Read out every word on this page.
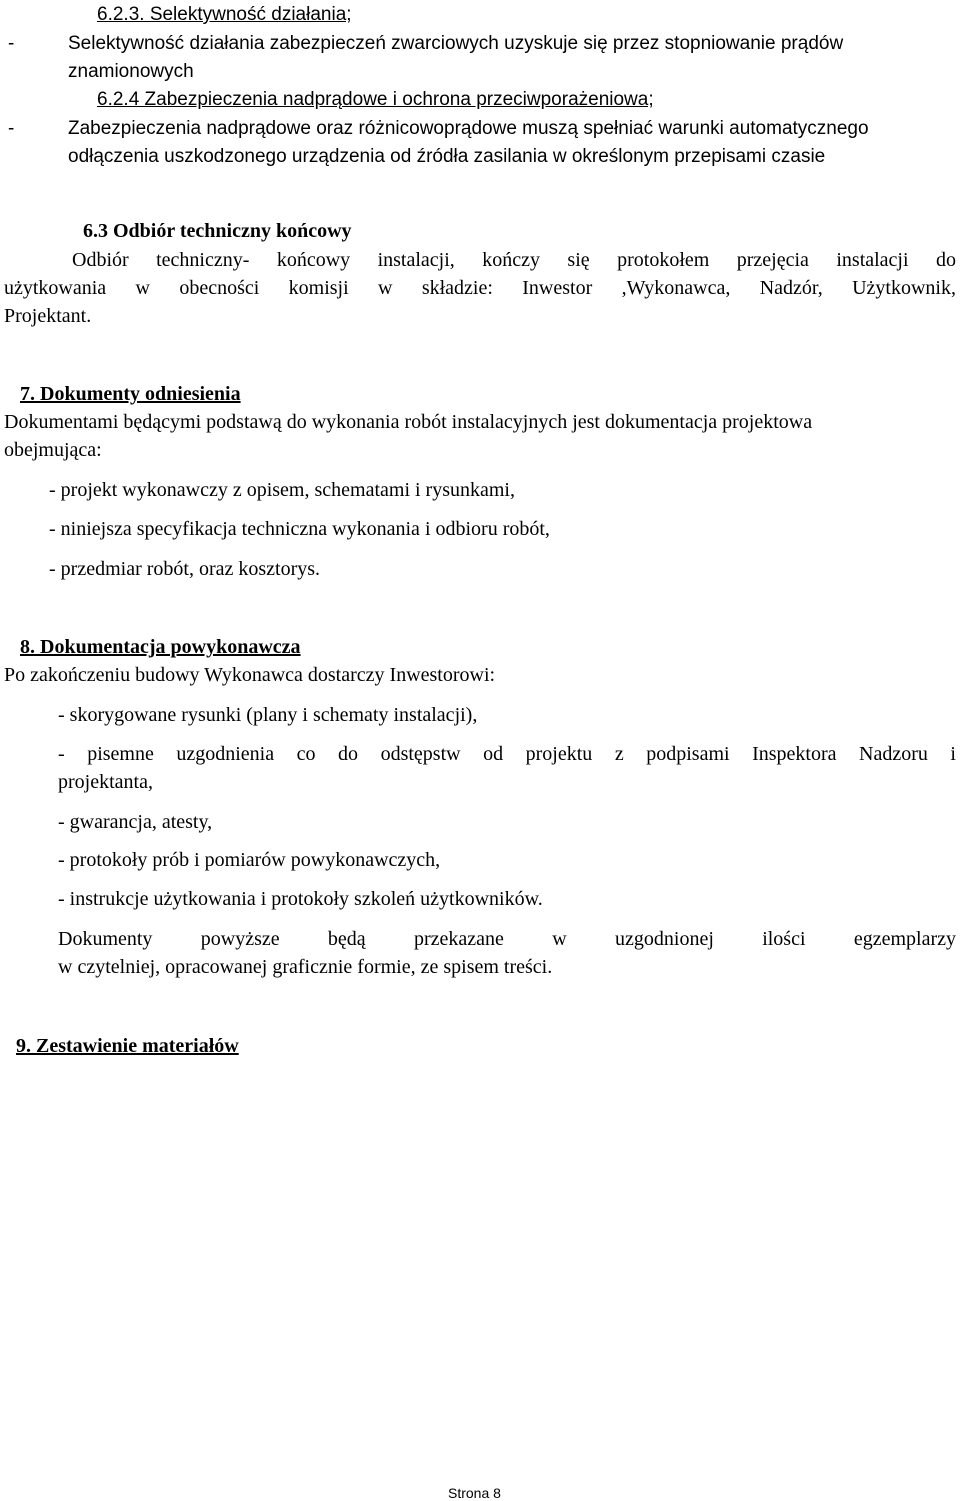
6.2.3. Selektywność działania;
-	Selektywność działania zabezpieczeń zwarciowych uzyskuje się przez stopniowanie prądów
znamionowych
6.2.4 Zabezpieczenia nadprądowe i ochrona przeciwporażeniowa;
-	Zabezpieczenia nadprądowe oraz różnicowoprądowe muszą spełniać warunki automatycznego
odłączenia uszkodzonego urządzenia od źródła zasilania w określonym przepisami czasie
6.3 Odbiór techniczny końcowy
Odbiór techniczny- końcowy instalacji, kończy się protokołem przejęcia instalacji do
użytkowania w obecności komisji w składzie: Inwestor ,Wykonawca, Nadzór, Użytkownik,
Projektant.
7. Dokumenty odniesienia
Dokumentami będącymi podstawą do wykonania robót instalacyjnych jest dokumentacja projektowa
obejmująca:
- projekt wykonawczy z opisem, schematami i rysunkami,
- niniejsza specyfikacja techniczna wykonania i odbioru robót,
- przedmiar robót, oraz kosztorys.
8. Dokumentacja powykonawcza
Po zakończeniu budowy Wykonawca dostarczy Inwestorowi:
- skorygowane rysunki (plany i schematy instalacji),
- pisemne uzgodnienia co do odstępstw od projektu z podpisami Inspektora Nadzoru i
projektanta,
- gwarancja, atesty,
- protokoły prób i pomiarów powykonawczych,
- instrukcje użytkowania i protokoły szkoleń użytkowników.
Dokumenty powyższe będą przekazane w uzgodnionej ilości egzemplarzy
w czytelniej, opracowanej graficznie formie, ze spisem treści.
9. Zestawienie materiałów
Strona 8
